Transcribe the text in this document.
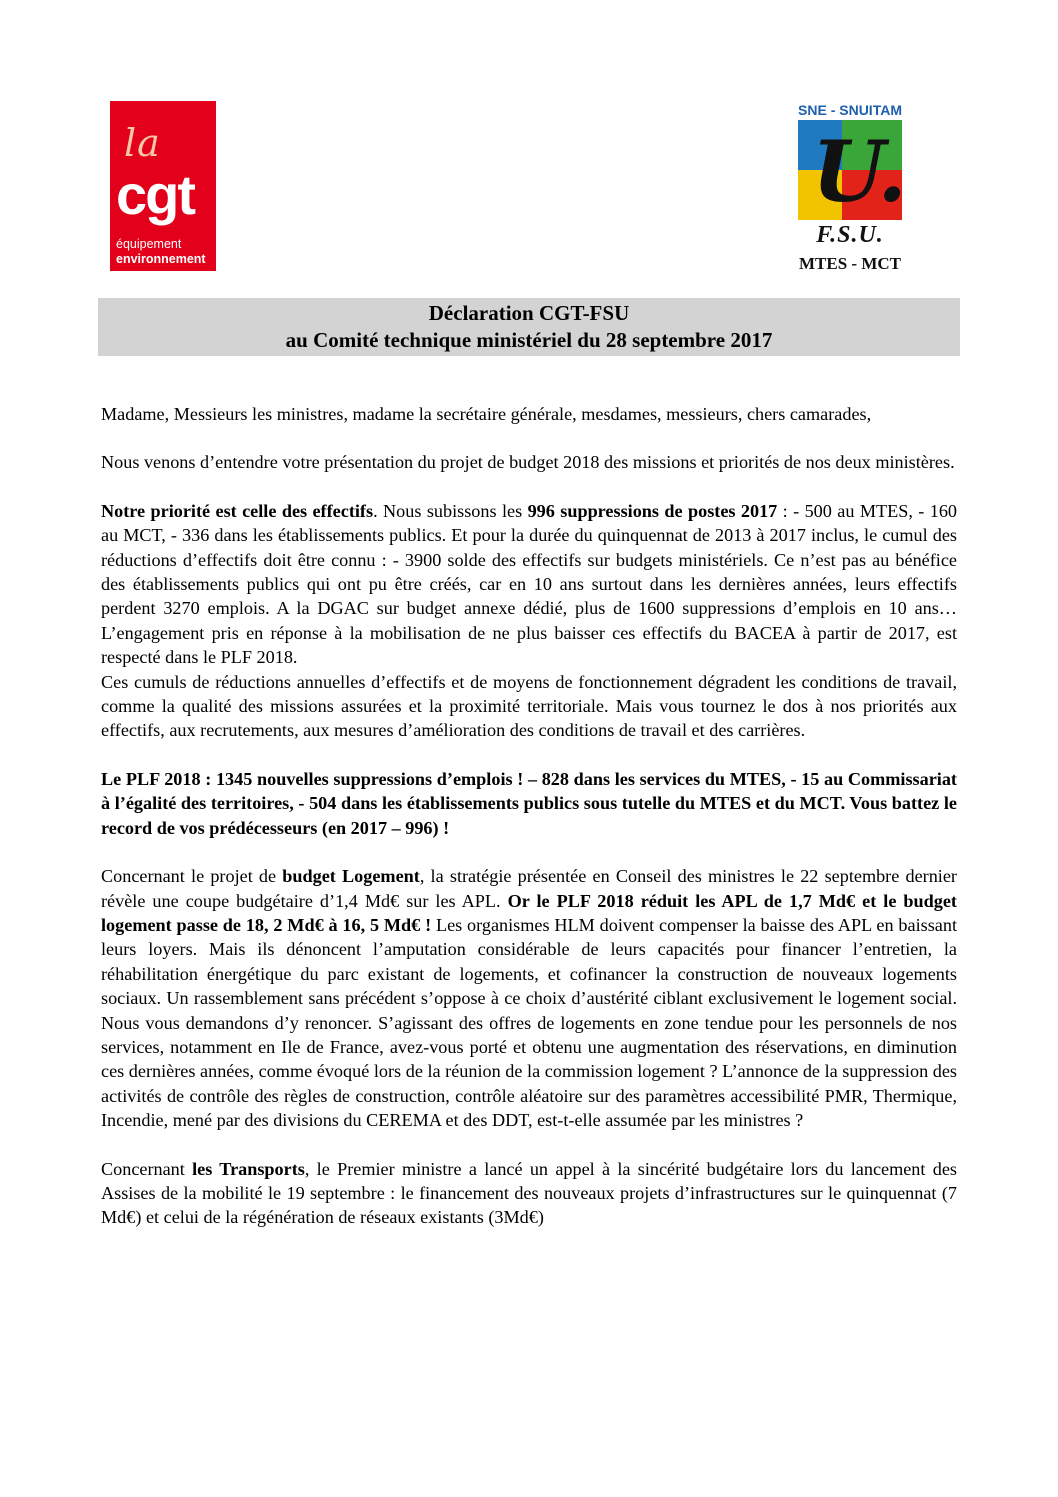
la
cgt
équipement
environnement
SNE - SNUITAM
U.
F.S.U.
MTES - MCT
Déclaration CGT-FSU
au Comité technique ministériel du 28 septembre 2017

Madame, Messieurs les ministres, madame la secrétaire générale, mesdames, messieurs, chers camarades,

Nous venons d’entendre votre présentation du projet de budget 2018 des missions et priorités de nos deux ministères.

Notre priorité est celle des effectifs. Nous subissons les 996 suppressions de postes 2017 : - 500 au MTES, - 160 au MCT, - 336 dans les établissements publics. Et pour la durée du quinquennat de 2013 à 2017 inclus, le cumul des réductions d’effectifs doit être connu : - 3900 solde des effectifs sur budgets ministériels. Ce n’est pas au bénéfice des établissements publics qui ont pu être créés, car en 10 ans surtout dans les dernières années, leurs effectifs perdent 3270 emplois. A la DGAC sur budget annexe dédié, plus de 1600 suppressions d’emplois en 10 ans… L’engagement pris en réponse à la mobilisation de ne plus baisser ces effectifs du BACEA à partir de 2017, est respecté dans le PLF 2018.

Ces cumuls de réductions annuelles d’effectifs et de moyens de fonctionnement dégradent les conditions de travail, comme la qualité des missions assurées et la proximité territoriale. Mais vous tournez le dos à nos priorités aux effectifs, aux recrutements, aux mesures d’amélioration des conditions de travail et des carrières.

Le PLF 2018 : 1345 nouvelles suppressions d’emplois ! – 828 dans les services du MTES, - 15 au Commissariat à l’égalité des territoires, - 504 dans les établissements publics sous tutelle du MTES et du MCT. Vous battez le record de vos prédécesseurs (en 2017 – 996) !

Concernant le projet de budget Logement, la stratégie présentée en Conseil des ministres le 22 septembre dernier révèle une coupe budgétaire d’1,4 Md€ sur les APL. Or le PLF 2018 réduit les APL de 1,7 Md€ et le budget logement passe de 18, 2 Md€ à 16, 5 Md€ ! Les organismes HLM doivent compenser la baisse des APL en baissant leurs loyers. Mais ils dénoncent l’amputation considérable de leurs capacités pour financer l’entretien, la réhabilitation énergétique du parc existant de logements, et cofinancer la construction de nouveaux logements sociaux. Un rassemblement sans précédent s’oppose à ce choix d’austérité ciblant exclusivement le logement social. Nous vous demandons d’y renoncer. S’agissant des offres de logements en zone tendue pour les personnels de nos services, notamment en Ile de France, avez-vous porté et obtenu une augmentation des réservations, en diminution ces dernières années, comme évoqué lors de la réunion de la commission logement ? L’annonce de la suppression des activités de contrôle des règles de construction, contrôle aléatoire sur des paramètres accessibilité PMR, Thermique, Incendie, mené par des divisions du CEREMA et des DDT, est-t-elle assumée par les ministres ?

Concernant les Transports, le Premier ministre a lancé un appel à la sincérité budgétaire lors du lancement des Assises de la mobilité le 19 septembre : le financement des nouveaux projets d’infrastructures sur le quinquennat (7 Md€) et celui de la régénération de réseaux existants (3Md€)
